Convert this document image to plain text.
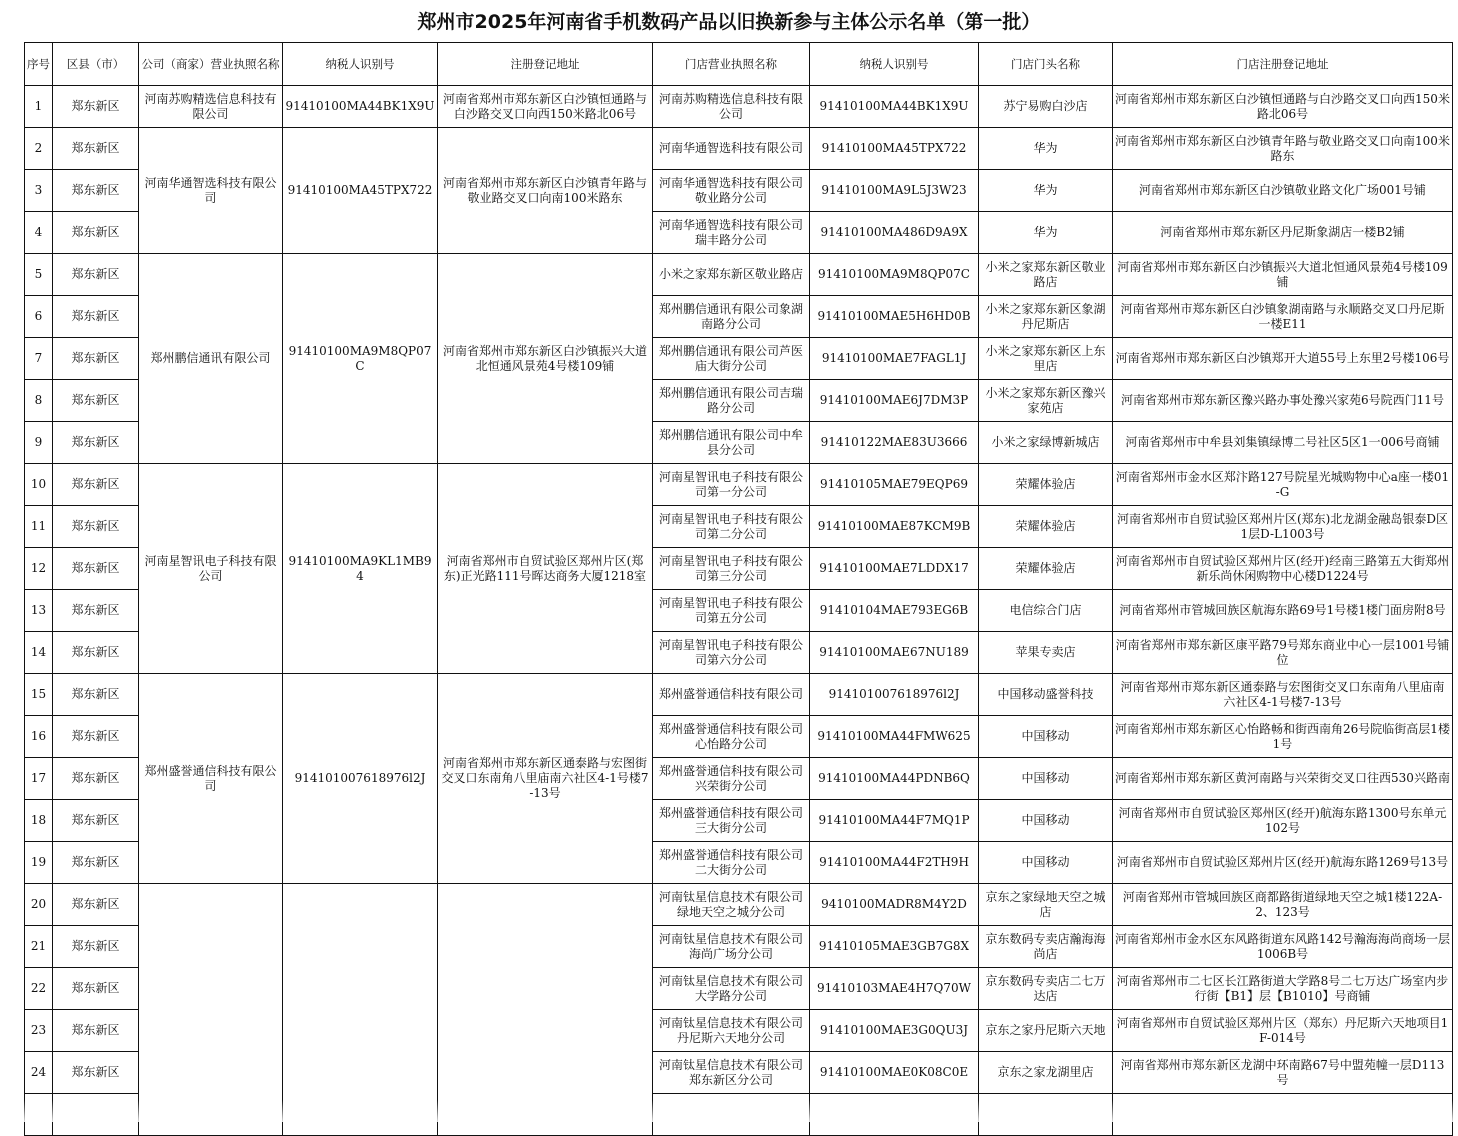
郑州市2025年河南省手机数码产品以旧换新参与主体公示名单（第一批）
序号	区县（市）	公司（商家）营业执照名称	纳税人识别号	注册登记地址	门店营业执照名称	纳税人识别号	门店门头名称	门店注册登记地址
1	郑东新区	河南苏购精选信息科技有限公司	91410100MA44BK1X9U	河南省郑州市郑东新区白沙镇恒通路与白沙路交叉口向西150米路北06号	河南苏购精选信息科技有限公司	91410100MA44BK1X9U	苏宁易购白沙店	河南省郑州市郑东新区白沙镇恒通路与白沙路交叉口向西150米路北06号
2	郑东新区	河南华通智选科技有限公司	91410100MA45TPX722	河南省郑州市郑东新区白沙镇青年路与敬业路交叉口向南100米路东	河南华通智选科技有限公司	91410100MA45TPX722	华为	河南省郑州市郑东新区白沙镇青年路与敬业路交叉口向南100米路东
3	郑东新区				河南华通智选科技有限公司敬业路分公司	91410100MA9L5J3W23	华为	河南省郑州市郑东新区白沙镇敬业路文化广场001号铺
4	郑东新区				河南华通智选科技有限公司瑞丰路分公司	91410100MA486D9A9X	华为	河南省郑州市郑东新区丹尼斯象湖店一楼B2铺
5	郑东新区	郑州鹏信通讯有限公司	91410100MA9M8QP07C	河南省郑州市郑东新区白沙镇振兴大道北恒通风景苑4号楼109铺	小米之家郑东新区敬业路店	91410100MA9M8QP07C	小米之家郑东新区敬业路店	河南省郑州市郑东新区白沙镇振兴大道北恒通风景苑4号楼109铺
6	郑东新区				郑州鹏信通讯有限公司象湖南路分公司	91410100MAE5H6HD0B	小米之家郑东新区象湖丹尼斯店	河南省郑州市郑东新区白沙镇象湖南路与永顺路交叉口丹尼斯一楼E11
7	郑东新区				郑州鹏信通讯有限公司芦医庙大街分公司	91410100MAE7FAGL1J	小米之家郑东新区上东里店	河南省郑州市郑东新区白沙镇郑开大道55号上东里2号楼106号
8	郑东新区				郑州鹏信通讯有限公司吉瑞路分公司	91410100MAE6J7DM3P	小米之家郑东新区豫兴家苑店	河南省郑州市郑东新区豫兴路办事处豫兴家苑6号院西门11号
9	郑东新区				郑州鹏信通讯有限公司中牟县分公司	91410122MAE83U3666	小米之家绿博新城店	河南省郑州市中牟县刘集镇绿博二号社区5区1一006号商铺
10	郑东新区	河南星智讯电子科技有限公司	91410100MA9KL1MB94	河南省郑州市自贸试验区郑州片区(郑东)正光路111号晖达商务大厦1218室	河南星智讯电子科技有限公司第一分公司	91410105MAE79EQP69	荣耀体验店	河南省郑州市金水区郑汴路127号院星光城购物中心a座一楼01-G
11	郑东新区				河南星智讯电子科技有限公司第二分公司	91410100MAE87KCM9B	荣耀体验店	河南省郑州市自贸试验区郑州片区(郑东)北龙湖金融岛银泰D区1层D-L1003号
12	郑东新区				河南星智讯电子科技有限公司第三分公司	91410100MAE7LDDX17	荣耀体验店	河南省郑州市自贸试验区郑州片区(经开)经南三路第五大街郑州新乐尚休闲购物中心楼D1224号
13	郑东新区				河南星智讯电子科技有限公司第五分公司	91410104MAE793EG6B	电信综合门店	河南省郑州市管城回族区航海东路69号1号楼1楼门面房附8号
14	郑东新区				河南星智讯电子科技有限公司第六分公司	91410100MAE67NU189	苹果专卖店	河南省郑州市郑东新区康平路79号郑东商业中心一层1001号铺位
15	郑东新区	郑州盛誉通信科技有限公司	914101007618976l2J	河南省郑州市郑东新区通泰路与宏图街交叉口东南角八里庙南六社区4-1号楼7-13号	郑州盛誉通信科技有限公司	914101007618976l2J	中国移动盛誉科技	河南省郑州市郑东新区通泰路与宏图街交叉口东南角八里庙南六社区4-1号楼7-13号
16	郑东新区				郑州盛誉通信科技有限公司心怡路分公司	91410100MA44FMW625	中国移动	河南省郑州市郑东新区心怡路畅和街西南角26号院临街高层1楼1号
17	郑东新区				郑州盛誉通信科技有限公司兴荣街分公司	91410100MA44PDNB6Q	中国移动	河南省郑州市郑东新区黄河南路与兴荣街交叉口往西530兴路南
18	郑东新区				郑州盛誉通信科技有限公司三大街分公司	91410100MA44F7MQ1P	中国移动	河南省郑州市自贸试验区郑州区(经开)航海东路1300号东单元102号
19	郑东新区				郑州盛誉通信科技有限公司二大街分公司	91410100MA44F2TH9H	中国移动	河南省郑州市自贸试验区郑州片区(经开)航海东路1269号13号
20	郑东新区				河南钛星信息技术有限公司绿地天空之城分公司	9410100MADR8M4Y2D	京东之家绿地天空之城店	河南省郑州市管城回族区商都路街道绿地天空之城1楼122A-2、123号
21	郑东新区				河南钛星信息技术有限公司海尚广场分公司	91410105MAE3GB7G8X	京东数码专卖店瀚海海尚店	河南省郑州市金水区东风路街道东风路142号瀚海海尚商场一层1006B号
22	郑东新区				河南钛星信息技术有限公司大学路分公司	91410103MAE4H7Q70W	京东数码专卖店二七万达店	河南省郑州市二七区长江路街道大学路8号二七万达广场室内步行街【B1】层【B1010】号商铺
23	郑东新区				河南钛星信息技术有限公司丹尼斯六天地分公司	91410100MAE3G0QU3J	京东之家丹尼斯六天地	河南省郑州市自贸试验区郑州片区（郑东）丹尼斯六天地项目1F-014号
24	郑东新区				河南钛星信息技术有限公司郑东新区分公司	91410100MAE0K08C0E	京东之家龙湖里店	河南省郑州市郑东新区龙湖中环南路67号中盟苑幢一层D113号
